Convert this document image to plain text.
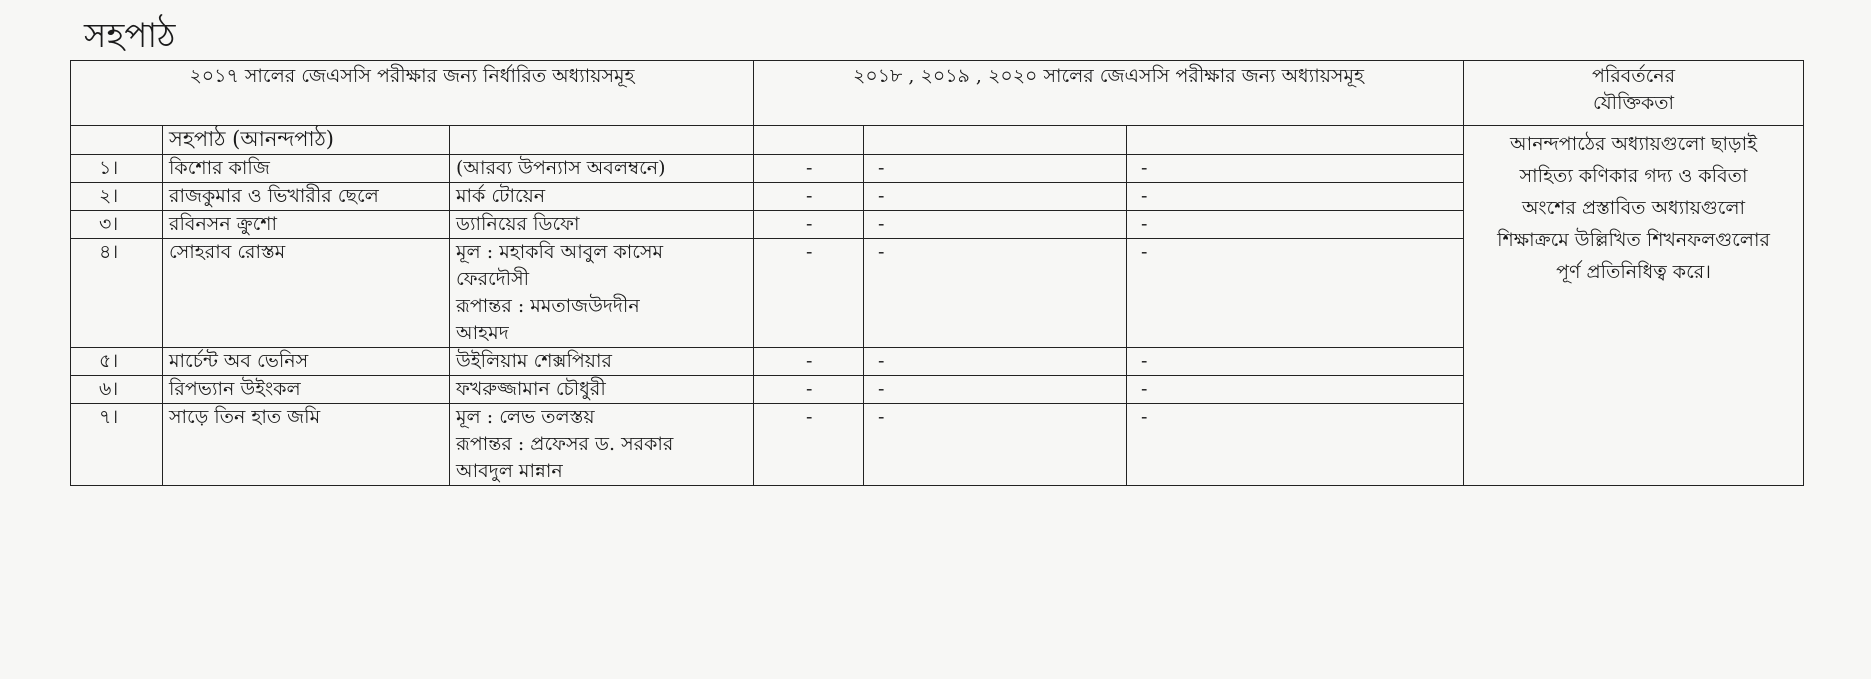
সহপাঠ
২০১৭ সালের জেএসসি পরীক্ষার জন্য নির্ধারিত অধ্যায়সমূহ			২০১৮ , ২০১৯ , ২০২০ সালের জেএসসি পরীক্ষার জন্য অধ্যায়সমূহ			পরিবর্তনের
যৌক্তিকতা
	সহপাঠ (আনন্দপাঠ)					আনন্দপাঠের অধ্যায়গুলো ছাড়াই
সাহিত্য কণিকার গদ্য ও কবিতা
অংশের প্রস্তাবিত অধ্যায়গুলো
শিক্ষাক্রমে উল্লিখিত শিখনফলগুলোর
পূর্ণ প্রতিনিধিত্ব করে।
১।	কিশোর কাজি	(আরব্য উপন্যাস অবলম্বনে)	-	-	-	
২।	রাজকুমার ও ভিখারীর ছেলে	মার্ক টোয়েন	-	-	-	
৩।	রবিনসন ক্রুশো	ড্যানিয়ের ডিফো	-	-	-	
৪।	সোহরাব রোস্তম	মূল : মহাকবি আবুল কাসেম
ফেরদৌসী
রূপান্তর : মমতাজউদদীন
আহমদ	-	-	-	
৫।	মার্চেন্ট অব ভেনিস	উইলিয়াম শেক্সপিয়ার	-	-	-	
৬।	রিপভ্যান উইংকল	ফখরুজ্জামান চৌধুরী	-	-	-	
৭।	সাড়ে তিন হাত জমি	মূল : লেভ তলস্তয়
রূপান্তর : প্রফেসর ড. সরকার
আবদুল মান্নান	-	-	-	
